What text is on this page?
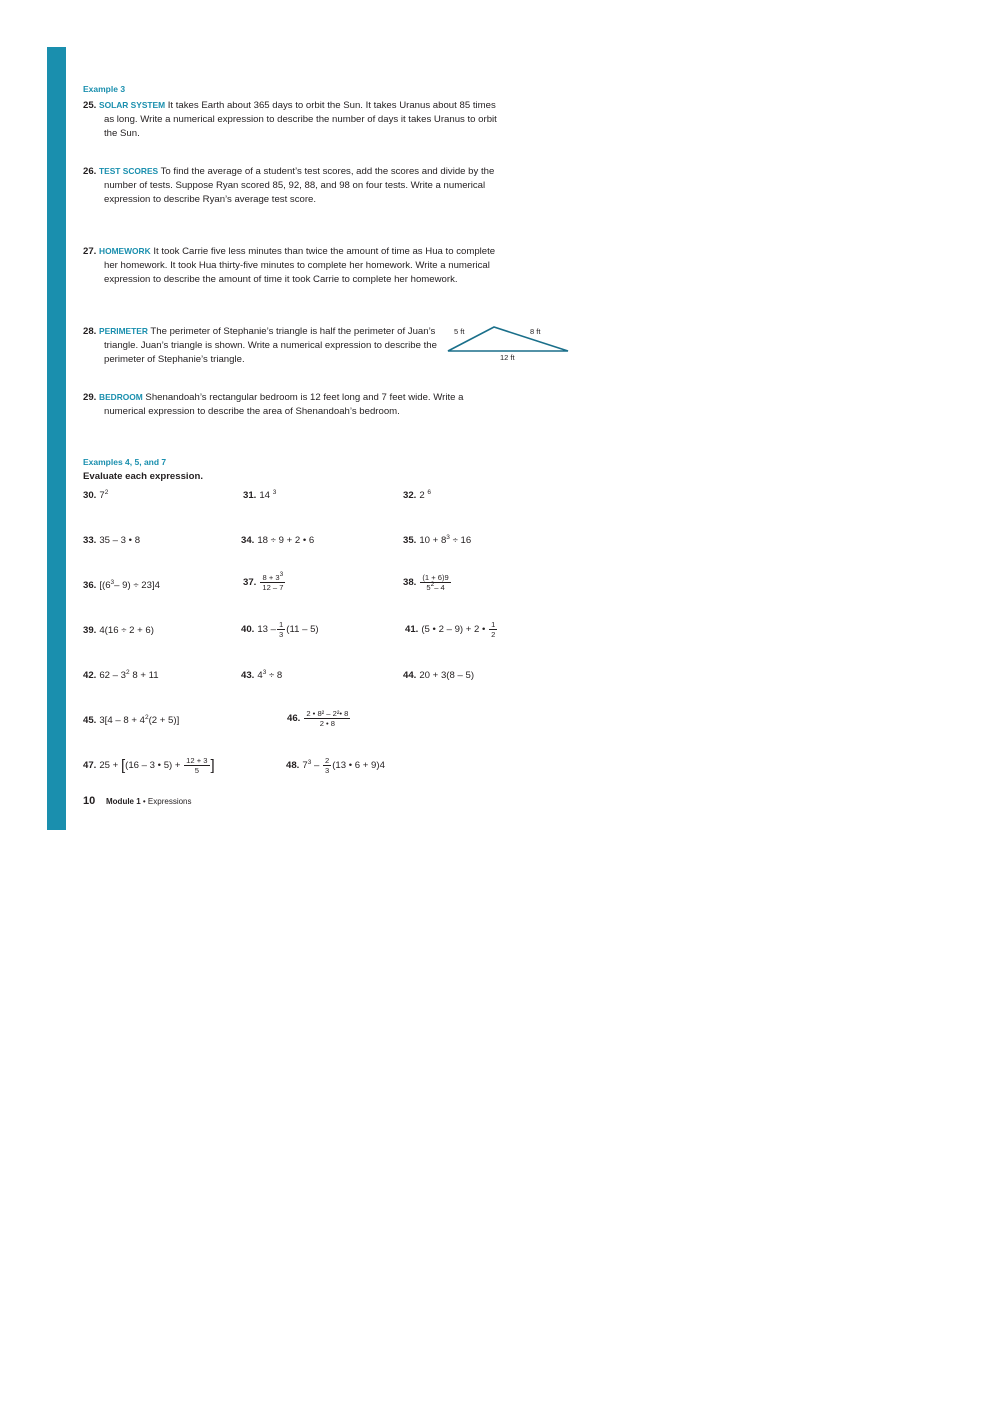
Example 3
25. SOLAR SYSTEM It takes Earth about 365 days to orbit the Sun. It takes Uranus about 85 times as long. Write a numerical expression to describe the number of days it takes Uranus to orbit the Sun.
26. TEST SCORES To find the average of a student’s test scores, add the scores and divide by the number of tests. Suppose Ryan scored 85, 92, 88, and 98 on four tests. Write a numerical expression to describe Ryan’s average test score.
27. HOMEWORK It took Carrie five less minutes than twice the amount of time as Hua to complete her homework. It took Hua thirty-five minutes to complete her homework. Write a numerical expression to describe the amount of time it took Carrie to complete her homework.
28. PERIMETER The perimeter of Stephanie’s triangle is half the perimeter of Juan’s triangle. Juan’s triangle is shown. Write a numerical expression to describe the perimeter of Stephanie’s triangle.
5 ft	8 ft
12 ft
29. BEDROOM Shenandoah’s rectangular bedroom is 12 feet long and 7 feet wide. Write a numerical expression to describe the area of Shenandoah’s bedroom.
Examples 4, 5, and 7
Evaluate each expression.
30. $7^2$	31. 14 $^3$	32. 2 $^6$
33. 35 – 3 • 8	34. 18 ÷ 9 + 2 • 6	35. $10 + 8^3 \div 16$
36. [($6^3-$ 9) ÷ 23]4	37. $\frac{8 + 3^3}{12 - 7}$	38. $\frac{(1 + 6)9}{5^2- 4}$
39. 4(16 ÷ 2 + 6)	40. $13 - \frac{1}{3} (11 - 5)$	41. (5 • 2 – 9) + 2 • $\frac{1}{2}$
42. $62 - 3^2$ 8 + 11	43. $4^3 \div 8$	44. 20 + 3(8 – 5)
45. $3[4 - 8 + 4^2(2 + 5)]$	46. $\frac{\text{2 • 8² – 2²• 8}}{2 • 8}$
47. 25 + [(16 – 3 • $5) + \frac{12 + 3}{5}$ ]	48. $7^3 - \frac{2}{3} (13$ • 6 + 9)4
10 Module 1 • Expressions
